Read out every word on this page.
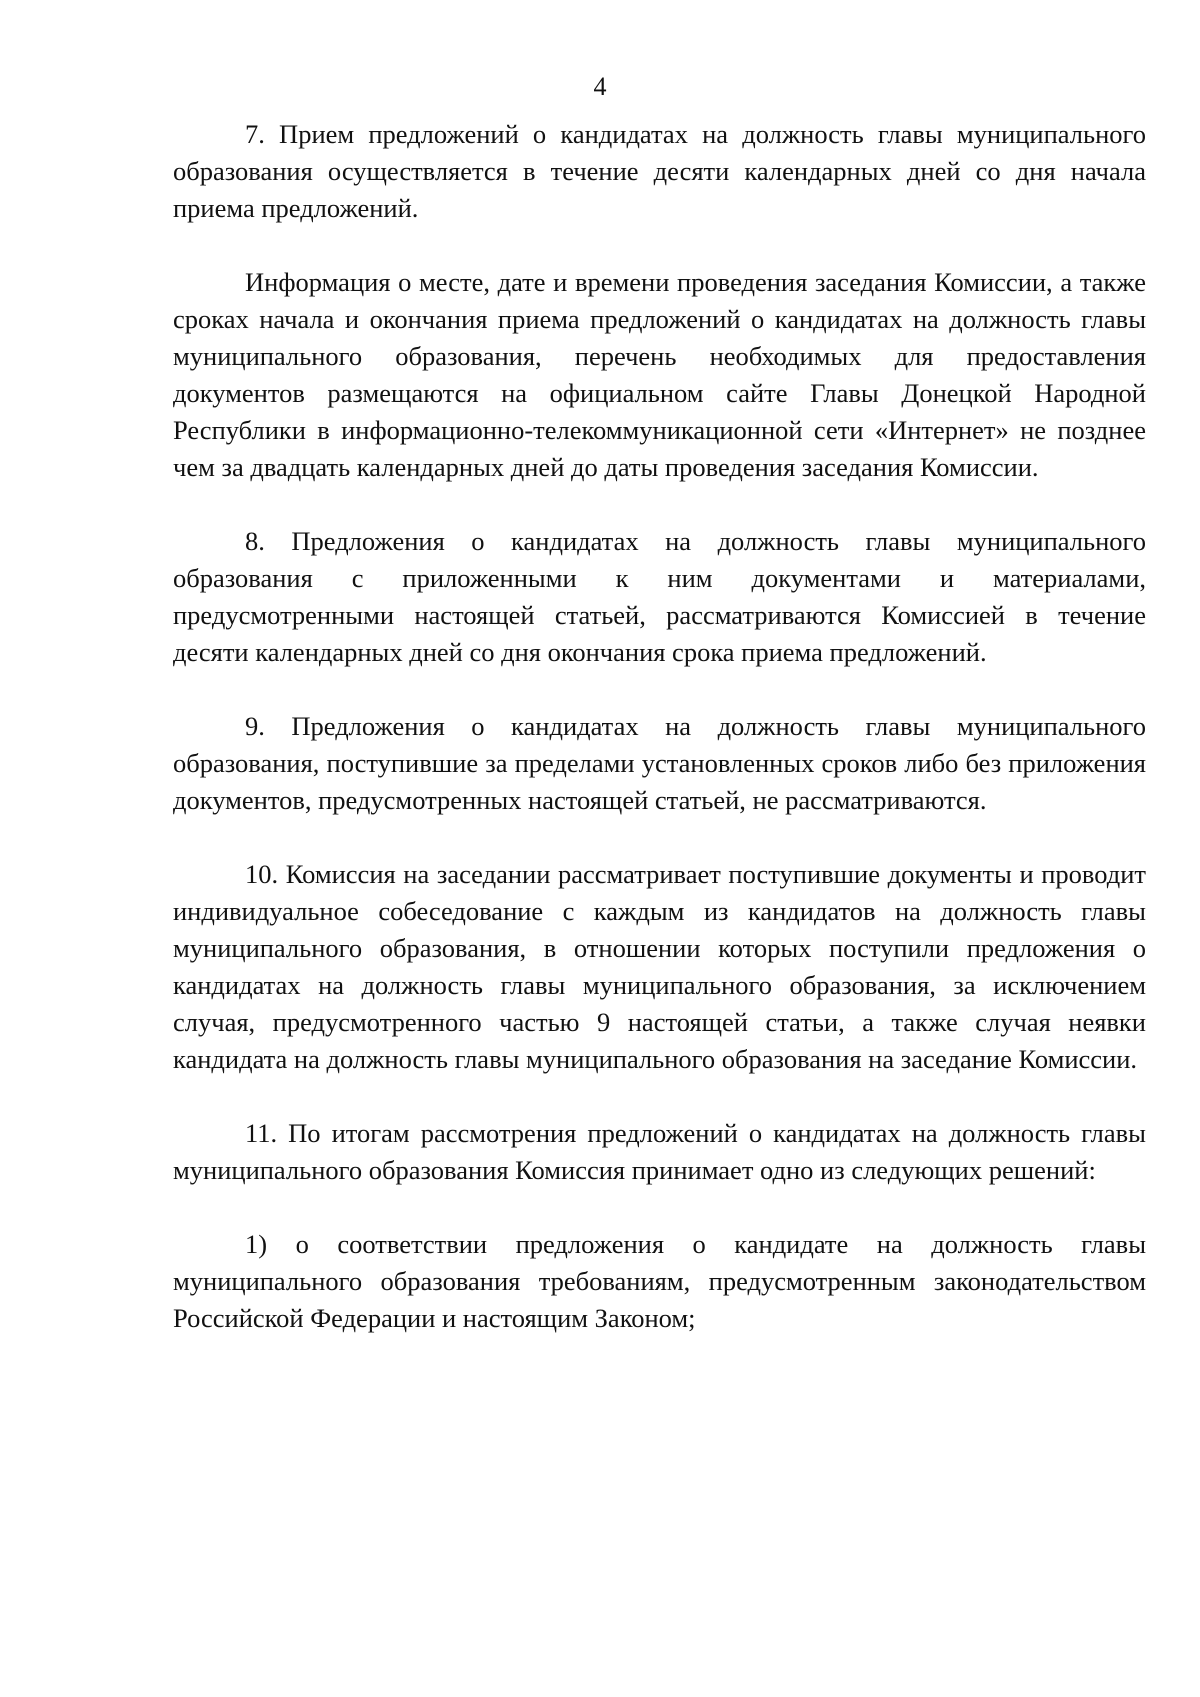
4

7. Прием предложений о кандидатах на должность главы муниципального образования осуществляется в течение десяти календарных дней со дня начала приема предложений.

Информация о месте, дате и времени проведения заседания Комиссии, а также сроках начала и окончания приема предложений о кандидатах на должность главы муниципального образования, перечень необходимых для предоставления документов размещаются на официальном сайте Главы Донецкой Народной Республики в информационно-телекоммуникационной сети «Интернет» не позднее чем за двадцать календарных дней до даты проведения заседания Комиссии.

8. Предложения о кандидатах на должность главы муниципального образования с приложенными к ним документами и материалами, предусмотренными настоящей статьей, рассматриваются Комиссией в течение десяти календарных дней со дня окончания срока приема предложений.

9. Предложения о кандидатах на должность главы муниципального образования, поступившие за пределами установленных сроков либо без приложения документов, предусмотренных настоящей статьей, не рассматриваются.

10. Комиссия на заседании рассматривает поступившие документы и проводит индивидуальное собеседование с каждым из кандидатов на должность главы муниципального образования, в отношении которых поступили предложения о кандидатах на должность главы муниципального образования, за исключением случая, предусмотренного частью 9 настоящей статьи, а также случая неявки кандидата на должность главы муниципального образования на заседание Комиссии.

11. По итогам рассмотрения предложений о кандидатах на должность главы муниципального образования Комиссия принимает одно из следующих решений:

1) о соответствии предложения о кандидате на должность главы муниципального образования требованиям, предусмотренным законодательством Российской Федерации и настоящим Законом;
